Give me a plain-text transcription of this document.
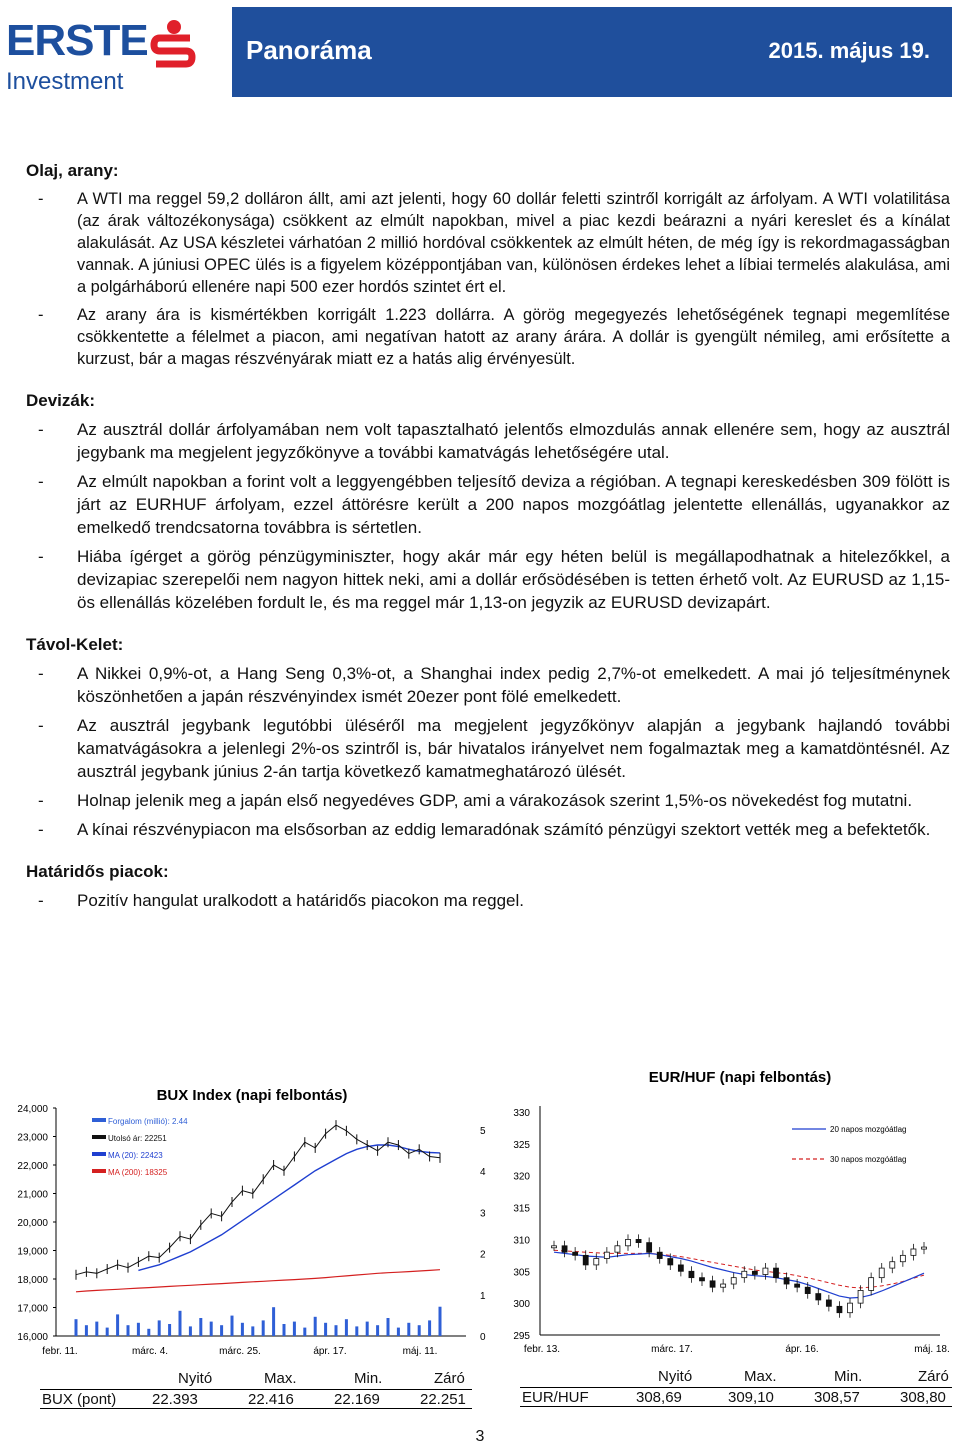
ERSTE
Investment
Panoráma	2015. május 19.
Olaj, arany:
- A WTI ma reggel 59,2 dolláron állt, ami azt jelenti, hogy 60 dollár feletti szintről korrigált az árfolyam. A WTI volatilitása (az árak változékonysága) csökkent az elmúlt napokban, mivel a piac kezdi beárazni a nyári kereslet és a kínálat alakulását. Az USA készletei várhatóan 2 millió hordóval csökkentek az elmúlt héten, de még így is rekordmagasságban vannak. A júniusi OPEC ülés is a figyelem középpontjában van, különösen érdekes lehet a líbiai termelés alakulása, ami a polgárháború ellenére napi 500 ezer hordós szintet ért el.
- Az arany ára is kismértékben korrigált 1.223 dollárra. A görög megegyezés lehetőségének tegnapi megemlítése csökkentette a félelmet a piacon, ami negatívan hatott az arany árára. A dollár is gyengült némileg, ami erősítette a kurzust, bár a magas részvényárak miatt ez a hatás alig érvényesült.
Devizák:
- Az ausztrál dollár árfolyamában nem volt tapasztalható jelentős elmozdulás annak ellenére sem, hogy az ausztrál jegybank ma megjelent jegyzőkönyve a további kamatvágás lehetőségére utal.
- Az elmúlt napokban a forint volt a leggyengébben teljesítő deviza a régióban. A tegnapi kereskedésben 309 fölött is járt az EURHUF árfolyam, ezzel áttörésre került a 200 napos mozgóátlag jelentette ellenállás, ugyanakkor az emelkedő trendcsatorna továbbra is sértetlen.
- Hiába ígérget a görög pénzügyminiszter, hogy akár már egy héten belül is megállapodhatnak a hitelezőkkel, a devizapiac szerepelői nem nagyon hittek neki, ami a dollár erősödésében is tetten érhető volt. Az EURUSD az 1,15-ös ellenállás közelében fordult le, és ma reggel már 1,13-on jegyzik az EURUSD devizapárt.
Távol-Kelet:
- A Nikkei 0,9%-ot, a Hang Seng 0,3%-ot, a Shanghai index pedig 2,7%-ot emelkedett. A mai jó teljesítménynek köszönhetően a japán részvényindex ismét 20ezer pont fölé emelkedett.
- Az ausztrál jegybank legutóbbi üléséről ma megjelent jegyzőkönyv alapján a jegybank hajlandó további kamatvágásokra a jelenlegi 2%-os szintről is, bár hivatalos irányelvet nem fogalmaztak meg a kamatdöntésnél. Az ausztrál jegybank június 2-án tartja következő kamatmeghatározó ülését.
- Holnap jelenik meg a japán első negyedéves GDP, ami a várakozások szerint 1,5%-os növekedést fog mutatni.
- A kínai részvénypiacon ma elsősorban az eddig lemaradónak számító pénzügyi szektort vették meg a befektetők.
Határidős piacok:
- Pozitív hangulat uralkodott a határidős piacokon ma reggel.
BUX Index (napi felbontás)
24,000
23,000
22,000
21,000
20,000
19,000
18,000
17,000
16,000
5
4
3
2
1
0
febr. 11.	márc. 4.	márc. 25.	ápr. 17.	máj. 11.
Forgalom (millió): 2.44
Utolsó ár: 22251
MA (20): 22423
MA (200): 18325
EUR/HUF (napi felbontás)
330
325
320
315
310
305
300
295
febr. 13.	márc. 17.	ápr. 16.	máj. 18.
20 napos mozgóátlag
30 napos mozgóátlag
Nyitó	Max.	Min.	Záró
BUX (pont) 22.393	22.416	22.169	22.251
Nyitó	Max.	Min.	Záró
EUR/HUF	308,69	309,10	308,57	308,80
3
